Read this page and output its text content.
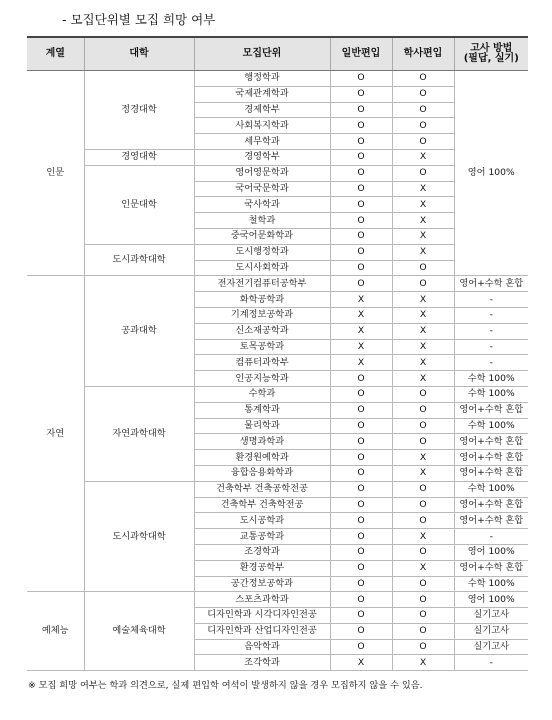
- 모집단위별 모집 희망 여부
계열	대학	모집단위	일반편입	학사편입	고사 방법
(필답, 실기)
인문	정경대학	행정학과	O	O	영어 100%
		국제관계학과	O	O	
		경제학부	O	O	
		사회복지학과	O	O	
		세무학과	O	O	
	경영대학	경영학부	O	X	
	인문대학	영어영문학과	O	O	
		국어국문학과	O	X	
		국사학과	O	X	
		철학과	O	X	
		중국어문화학과	O	X	
	도시과학대학	도시행정학과	O	X	
		도시사회학과	O	O	
자연	공과대학	전자전기컴퓨터공학부	O	O	영어+수학 혼합
		화학공학과	X	X	-
		기계정보공학과	X	X	-
		신소재공학과	X	X	-
		토목공학과	X	X	-
		컴퓨터과학부	X	X	-
		인공지능학과	O	X	수학 100%
	자연과학대학	수학과	O	O	수학 100%
		통계학과	O	O	영어+수학 혼합
		물리학과	O	O	수학 100%
		생명과학과	O	O	영어+수학 혼합
		환경원예학과	O	X	영어+수학 혼합
		융합응용화학과	O	X	영어+수학 혼합
	도시과학대학	건축학부 건축공학전공	O	O	수학 100%
		건축학부 건축학전공	O	O	영어+수학 혼합
		도시공학과	O	O	영어+수학 혼합
		교통공학과	O	X	-
		조경학과	O	O	영어 100%
		환경공학부	O	X	영어+수학 혼합
		공간정보공학과	O	O	수학 100%
예체능	예술체육대학	스포츠과학과	O	O	영어 100%
		디자인학과 시각디자인전공	O	O	실기고사
		디자인학과 산업디자인전공	O	O	실기고사
		음악학과	O	O	실기고사
		조각학과	X	X	-
※ 모집 희망 여부는 학과 의견으로, 실제 편입학 여석이 발생하지 않을 경우 모집하지 않을 수 있음.
